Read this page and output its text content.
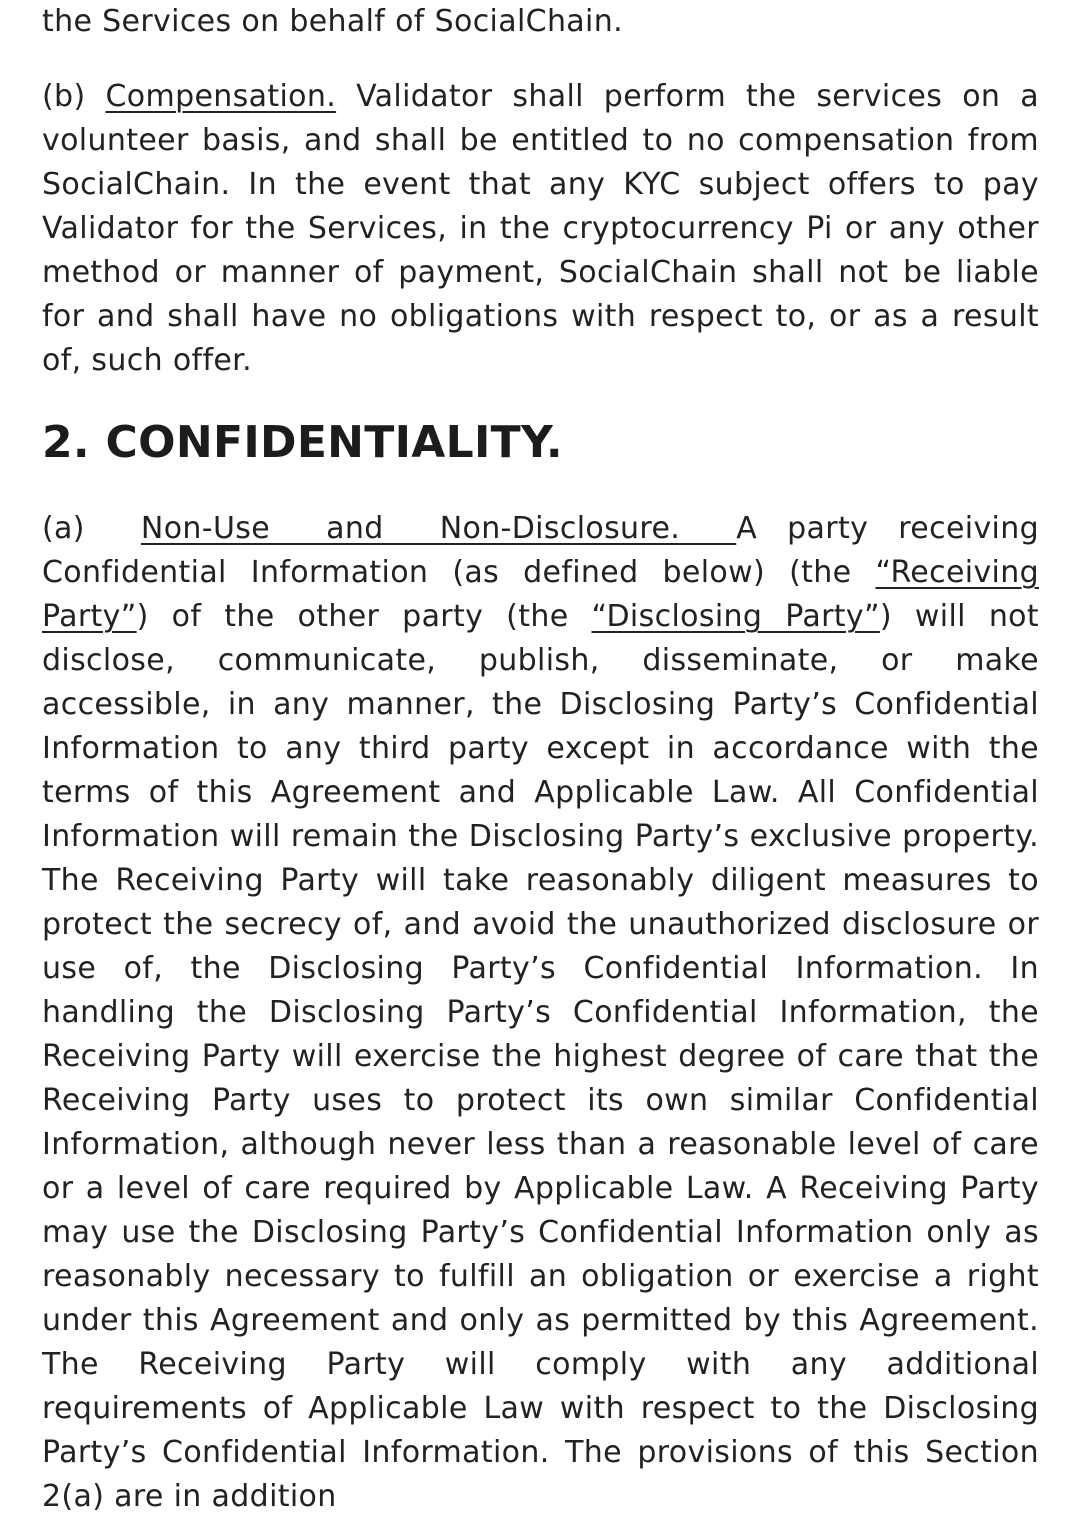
the Services on behalf of SocialChain.

(b) Compensation. Validator shall perform the services on a volunteer basis, and shall be entitled to no compensation from SocialChain. In the event that any KYC subject offers to pay Validator for the Services, in the cryptocurrency Pi or any other method or manner of payment, SocialChain shall not be liable for and shall have no obligations with respect to, or as a result of, such offer.

2. CONFIDENTIALITY.

(a) Non-Use and Non-Disclosure. A party receiving Confidential Information (as defined below) (the “Receiving Party”) of the other party (the “Disclosing Party”) will not disclose, communicate, publish, disseminate, or make accessible, in any manner, the Disclosing Party’s Confidential Information to any third party except in accordance with the terms of this Agreement and Applicable Law. All Confidential Information will remain the Disclosing Party’s exclusive property. The Receiving Party will take reasonably diligent measures to protect the secrecy of, and avoid the unauthorized disclosure or use of, the Disclosing Party’s Confidential Information. In handling the Disclosing Party’s Confidential Information, the Receiving Party will exercise the highest degree of care that the Receiving Party uses to protect its own similar Confidential Information, although never less than a reasonable level of care or a level of care required by Applicable Law. A Receiving Party may use the Disclosing Party’s Confidential Information only as reasonably necessary to fulfill an obligation or exercise a right under this Agreement and only as permitted by this Agreement. The Receiving Party will comply with any additional requirements of Applicable Law with respect to the Disclosing Party’s Confidential Information. The provisions of this Section 2(a) are in addition
